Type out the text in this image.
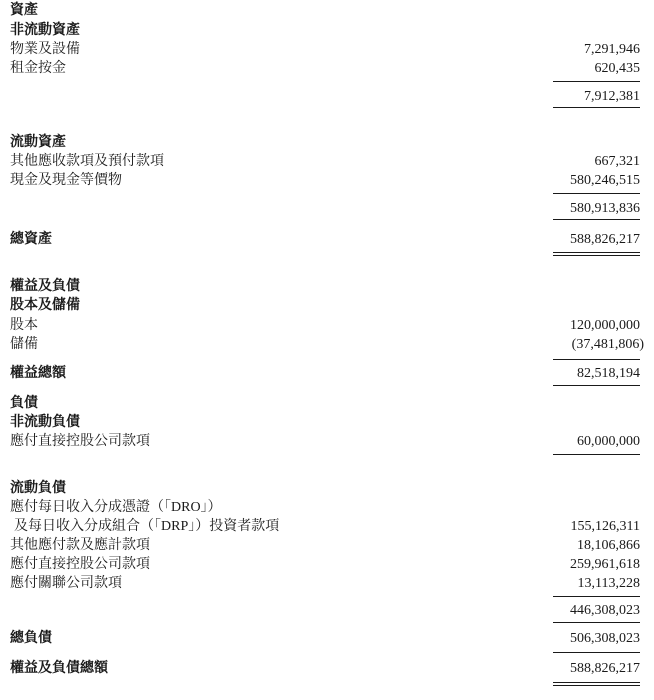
資產
非流動資產
物業及設備	7,291,946
租金按金	620,435
7,912,381
流動資產
其他應收款項及預付款項	667,321
現金及現金等價物	580,246,515
580,913,836
總資產	588,826,217
權益及負債
股本及儲備
股本	120,000,000
儲備	(37,481,806)
權益總額	82,518,194
負債
非流動負債
應付直接控股公司款項	60,000,000
流動負債
應付每日收入分成憑證（「DRO」）
及每日收入分成組合（「DRP」）投資者款項	155,126,311
其他應付款及應計款項	18,106,866
應付直接控股公司款項	259,961,618
應付關聯公司款項	13,113,228
446,308,023
總負債	506,308,023
權益及負債總額	588,826,217
